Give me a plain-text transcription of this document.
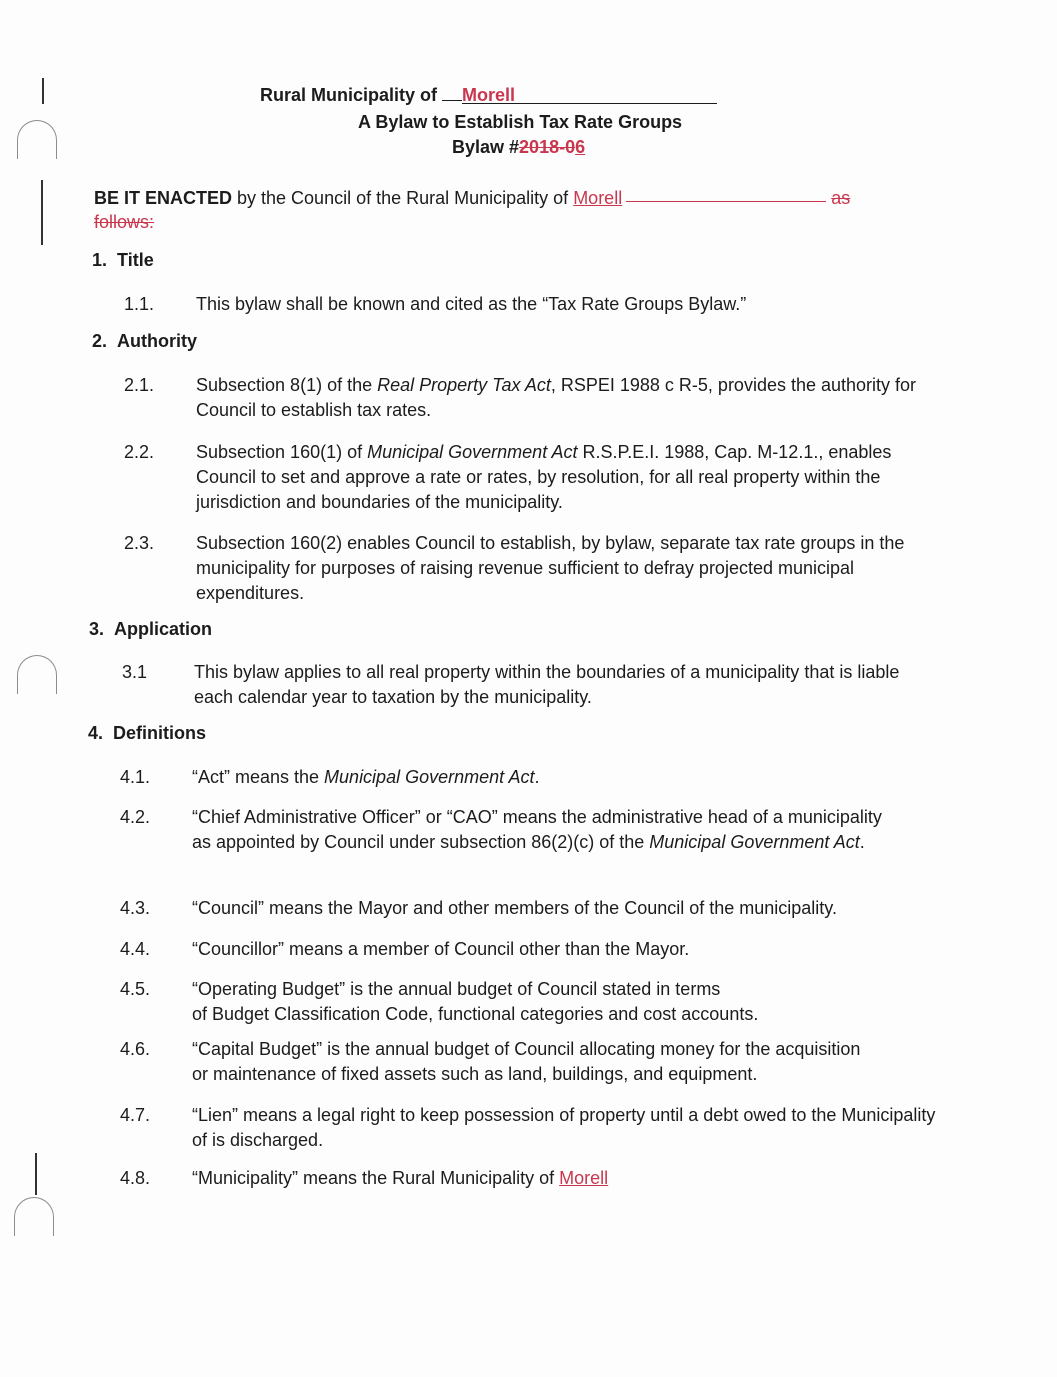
Rural Municipality of Morell
A Bylaw to Establish Tax Rate Groups
Bylaw #2018-06
BE IT ENACTED by the Council of the Rural Municipality of Morell	as follows:
1. Title
1.1.	This bylaw shall be known and cited as the “Tax Rate Groups Bylaw.”
2. Authority
2.1.	Subsection 8(1) of the Real Property Tax Act, RSPEI 1988 c R-5, provides the authority for Council to establish tax rates.
2.2.	Subsection 160(1) of Municipal Government Act R.S.P.E.I. 1988, Cap. M-12.1., enables Council to set and approve a rate or rates, by resolution, for all real property within the jurisdiction and boundaries of the municipality.
2.3.	Subsection 160(2) enables Council to establish, by bylaw, separate tax rate groups in the municipality for purposes of raising revenue sufficient to defray projected municipal expenditures.
3. Application
3.1	This bylaw applies to all real property within the boundaries of a municipality that is liable each calendar year to taxation by the municipality.
4. Definitions
4.1.	“Act” means the Municipal Government Act.
4.2.	“Chief Administrative Officer” or “CAO” means the administrative head of a municipality as appointed by Council under subsection 86(2)(c) of the Municipal Government Act.
4.3.	“Council” means the Mayor and other members of the Council of the municipality.
4.4.	“Councillor” means a member of Council other than the Mayor.
4.5.	“Operating Budget” is the annual budget of Council stated in terms
of Budget Classification Code, functional categories and cost accounts.
4.6.	“Capital Budget” is the annual budget of Council allocating money for the acquisition
or maintenance of fixed assets such as land, buildings, and equipment.
4.7.	“Lien” means a legal right to keep possession of property until a debt owed to the Municipality of is discharged.
4.8.	“Municipality” means the Rural Municipality of Morell
